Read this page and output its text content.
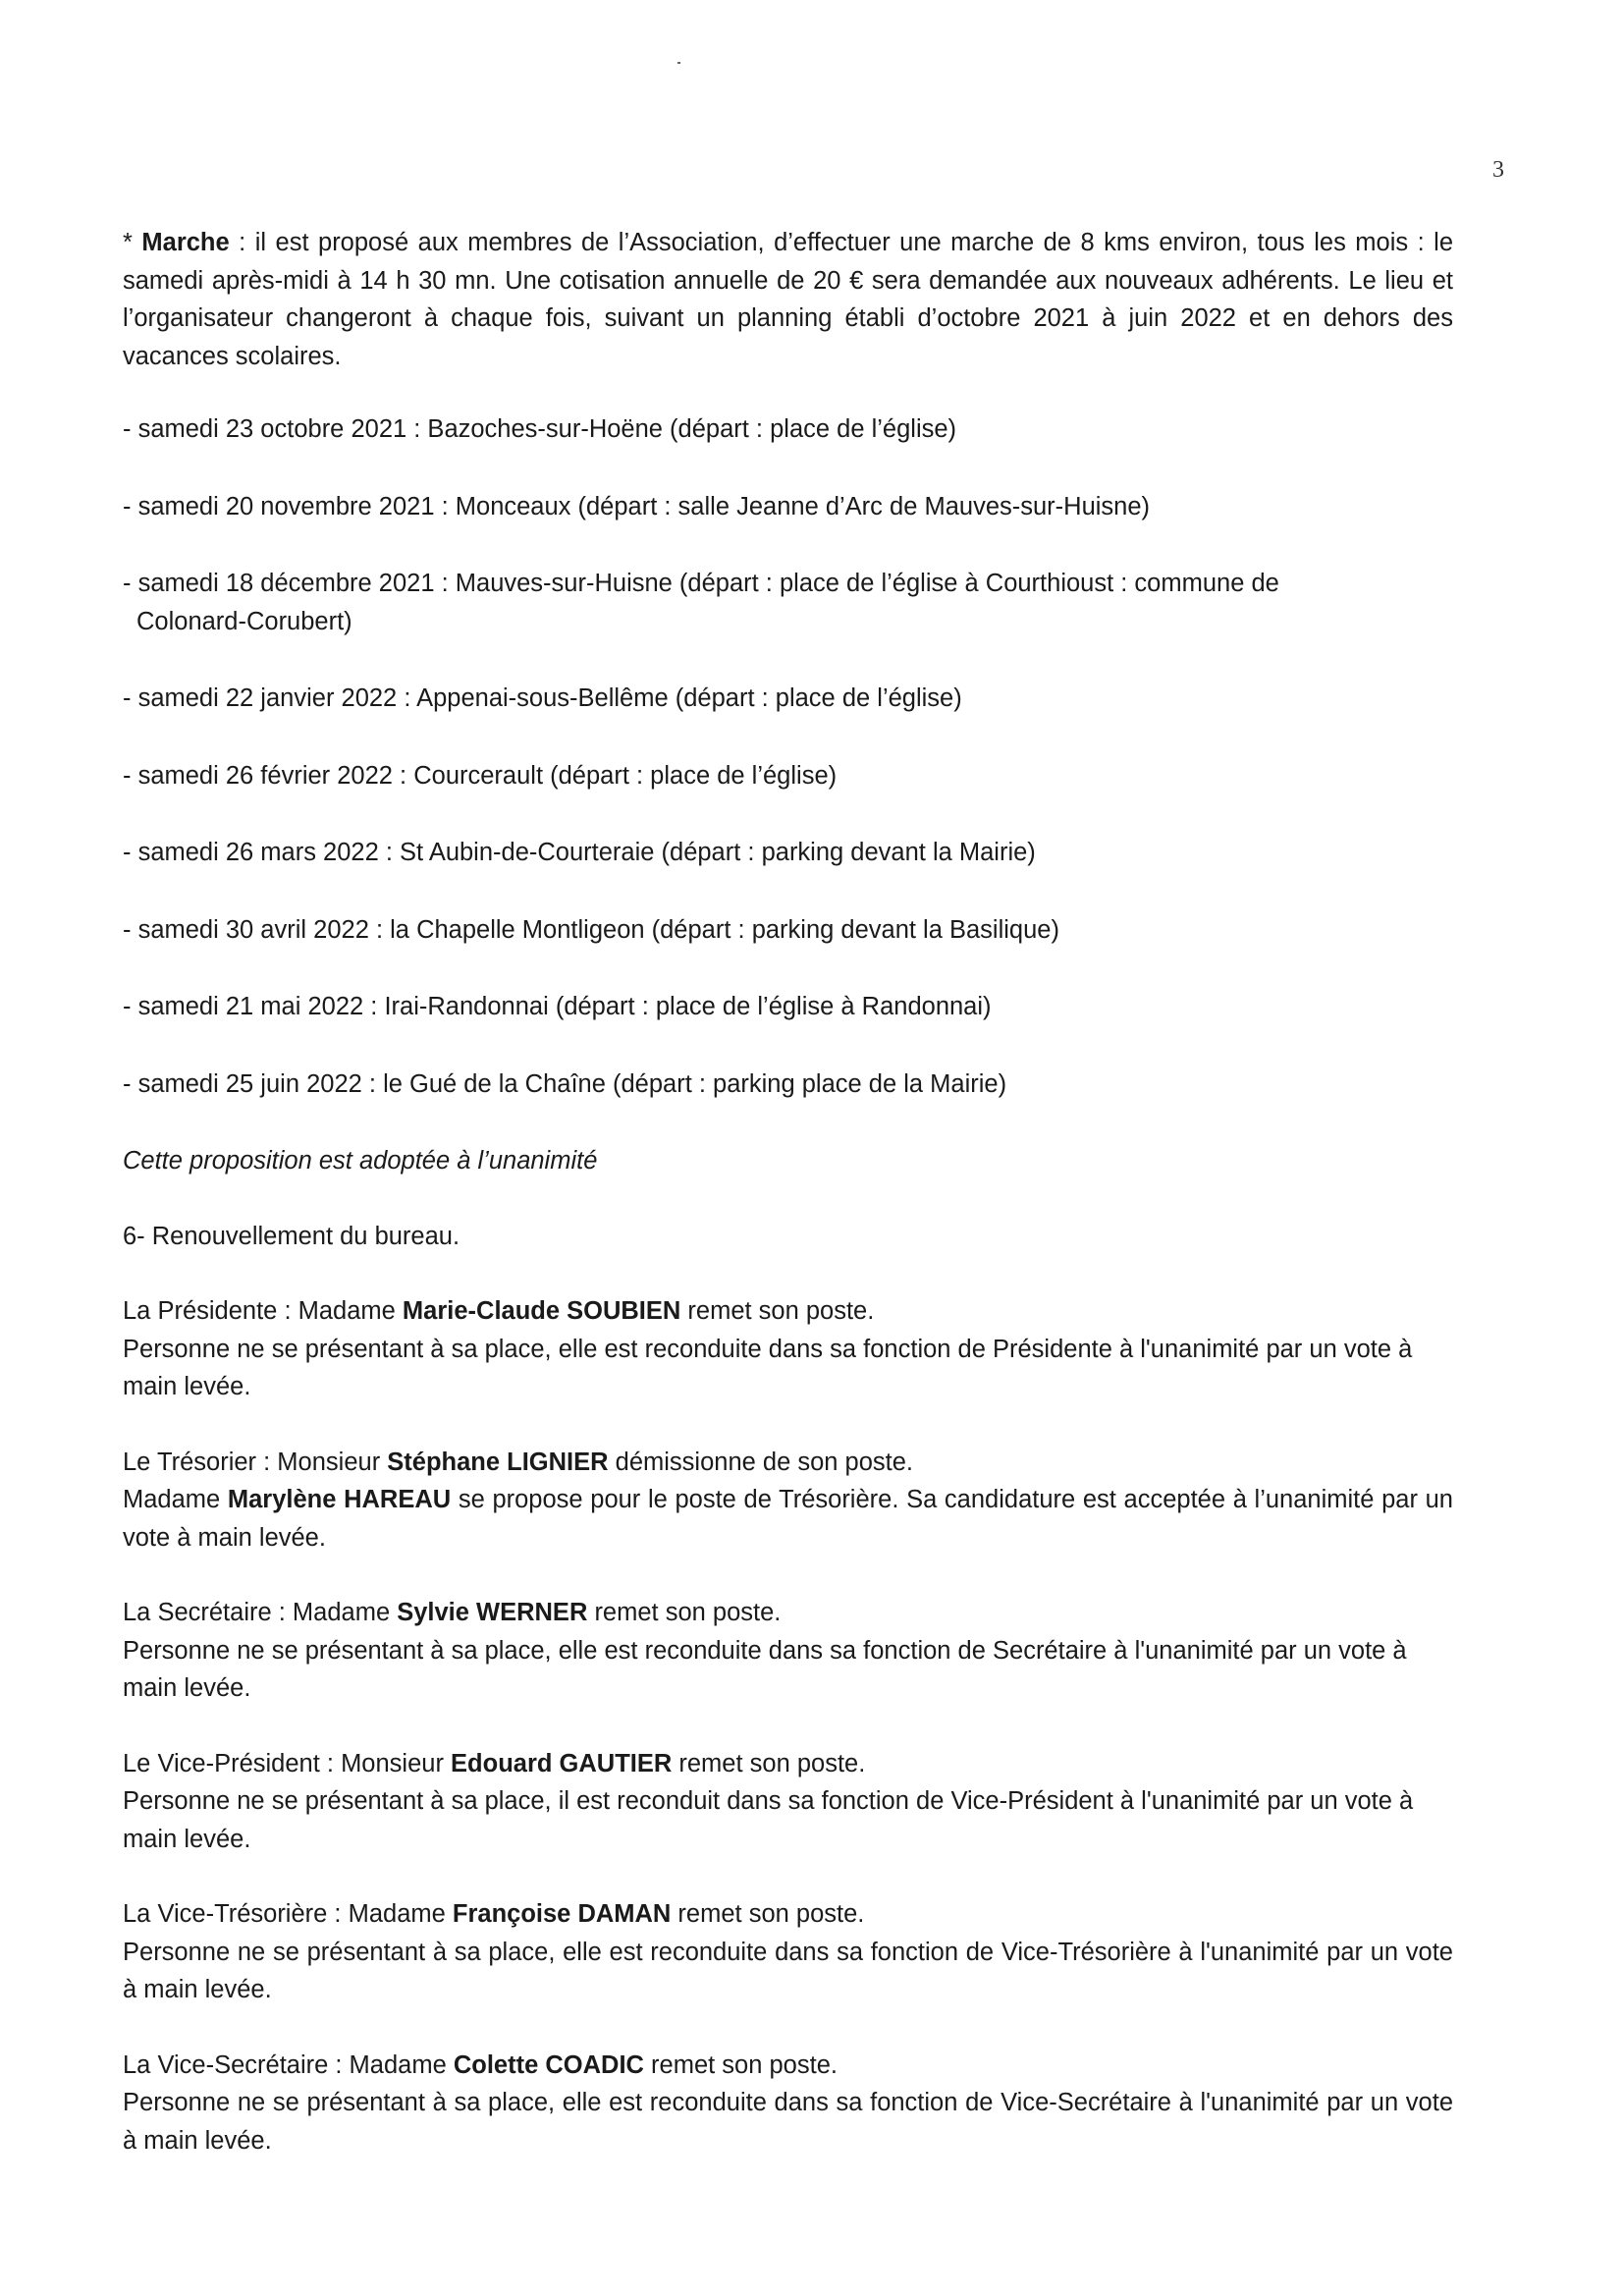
3

* Marche : il est proposé aux membres de l’Association, d’effectuer une marche de 8 kms environ, tous les mois : le samedi après-midi à 14 h 30 mn. Une cotisation annuelle de 20 € sera demandée aux nouveaux adhérents. Le lieu et l’organisateur changeront à chaque fois, suivant un planning établi d’octobre 2021 à juin 2022 et en dehors des vacances scolaires.

- samedi 23 octobre 2021 : Bazoches-sur-Hoëne (départ : place de l’église)

- samedi 20 novembre 2021 : Monceaux (départ : salle Jeanne d’Arc de Mauves-sur-Huisne)

- samedi 18 décembre 2021 : Mauves-sur-Huisne (départ : place de l’église à Courthioust : commune de
Colonard-Corubert)

- samedi 22 janvier 2022 : Appenai-sous-Bellême (départ : place de l’église)

- samedi 26 février 2022 : Courcerault (départ : place de l’église)

- samedi 26 mars 2022 : St Aubin-de-Courteraie (départ : parking devant la Mairie)

- samedi 30 avril 2022 : la Chapelle Montligeon (départ : parking devant la Basilique)

- samedi 21 mai 2022 : Irai-Randonnai (départ : place de l’église à Randonnai)

- samedi 25 juin 2022 : le Gué de la Chaîne (départ : parking place de la Mairie)

Cette proposition est adoptée à l’unanimité

6- Renouvellement du bureau.

La Présidente : Madame Marie-Claude SOUBIEN remet son poste.

Personne ne se présentant à sa place, elle est reconduite dans sa fonction de Présidente à l'unanimité par un vote à main levée.

Le Trésorier : Monsieur Stéphane LIGNIER démissionne de son poste.

Madame Marylène HAREAU se propose pour le poste de Trésorière. Sa candidature est acceptée à l’unanimité par un vote à main levée.

La Secrétaire : Madame Sylvie WERNER remet son poste.

Personne ne se présentant à sa place, elle est reconduite dans sa fonction de Secrétaire à l'unanimité par un vote à main levée.

Le Vice-Président : Monsieur Edouard GAUTIER remet son poste.

Personne ne se présentant à sa place, il est reconduit dans sa fonction de Vice-Président à l'unanimité par un vote à main levée.

La Vice-Trésorière : Madame Françoise DAMAN remet son poste.

Personne ne se présentant à sa place, elle est reconduite dans sa fonction de Vice-Trésorière à l'unanimité par un vote à main levée.

La Vice-Secrétaire : Madame Colette COADIC remet son poste.

Personne ne se présentant à sa place, elle est reconduite dans sa fonction de Vice-Secrétaire à l'unanimité par un vote à main levée.
